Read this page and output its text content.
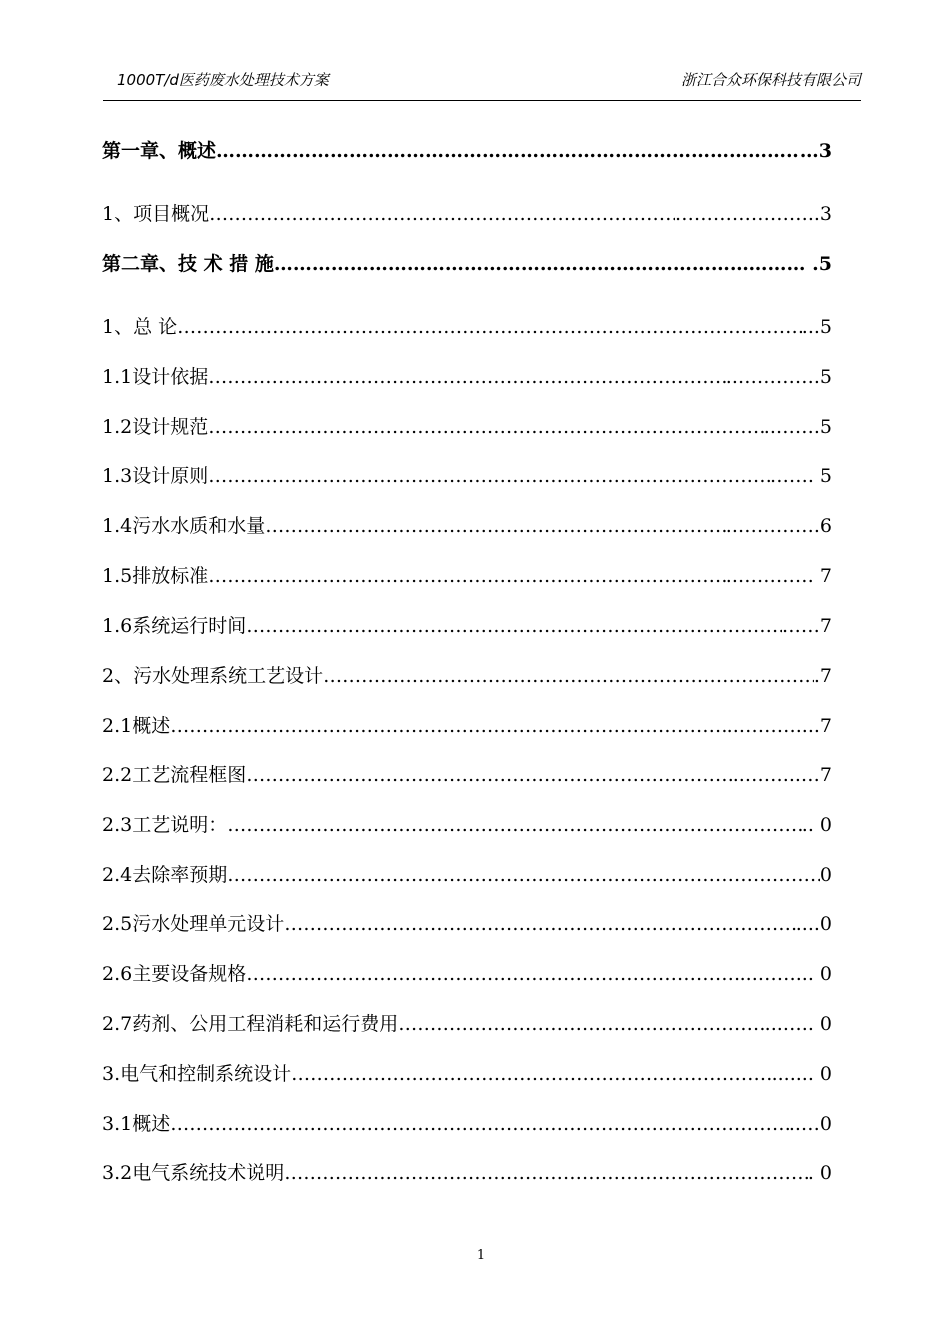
1000T/d医药废水处理技术方案	浙江合众环保科技有限公司
第一章、概述 …………………………………………………………………………………………………………………………………………………………………………	…3
1、项目概况 …………………………………………………………………………………………………………………………………………………………………………	…………………..3
第二章、技 术 措 施 …………………………………………………………………………………………………………………………………………………………………………	……… .5
1、总 论 …………………………………………………………………………………………………………………………………………………………………………	...5
1.1设计依据 …………………………………………………………………………………………………………………………………………………………………………	..………….5
1.2设计规范 …………………………………………………………………………………………………………………………………………………………………………	..…….5
1.3设计原则 …………………………………………………………………………………………………………………………………………………………………………	……. 5
1.4污水水质和水量 …………………………………………………………………………………………………………………………………………………………………………	..………….6
1.5排放标准 …………………………………………………………………………………………………………………………………………………………………………	..………… 7
1.6系统运行时间 …………………………………………………………………………………………………………………………………………………………………………	……7
2、污水处理系统工艺设计 …………………………………………………………………………………………………………………………………………………………………………	.7
2.1概述 …………………………………………………………………………………………………………………………………………………………………………	..………....7
2.2工艺流程框图 …………………………………………………………………………………………………………………………………………………………………………	..……...…7
2.3工艺说明： …………………………………………………………………………………………………………………………………………………………………………	.. 0
2.4去除率预期 …………………………………………………………………………………………………………………………………………………………………………	0
2.5污水处理单元设计 …………………………………………………………………………………………………………………………………………………………………………	....0
2.6主要设备规格 …………………………………………………………………………………………………………………………………………………………………………	...……... 0
2.7药剂、公用工程消耗和运行费用 …………………………………………………………………………………………………………………………………………………………………………	...….. 0
3.电气和控制系统设计 …………………………………………………………………………………………………………………………………………………………………………	....... 0
3.1概述 …………………………………………………………………………………………………………………………………………………………………………	..…0
3.2电气系统技术说明 …………………………………………………………………………………………………………………………………………………………………………	. 0
1
